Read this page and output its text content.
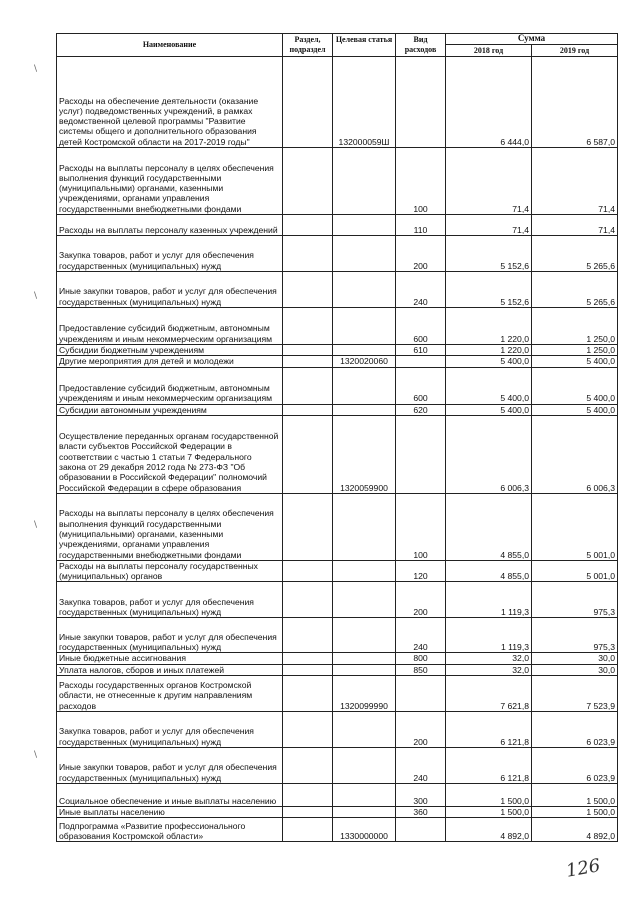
Наименование	Раздел, подраздел	Целевая статья	Вид расходов	Сумма	
				2018 год	2019 год
Расходы на обеспечение деятельности (оказание услуг) подведомственных учреждений, в рамках ведомственной целевой программы "Развитие системы общего и дополнительного образования детей Костромской области на 2017-2019 годы"		132000059Ш		6 444,0	6 587,0
Расходы на выплаты персоналу в целях обеспечения выполнения функций государственными (муниципальными) органами, казенными учреждениями, органами управления государственными внебюджетными фондами			100	71,4	71,4
Расходы на выплаты персоналу казенных учреждений			110	71,4	71,4
Закупка товаров, работ и услуг для обеспечения государственных (муниципальных) нужд			200	5 152,6	5 265,6
Иные закупки товаров, работ и услуг для обеспечения государственных (муниципальных) нужд			240	5 152,6	5 265,6
Предоставление субсидий бюджетным, автономным учреждениям и иным некоммерческим организациям			600	1 220,0	1 250,0
Субсидии бюджетным учреждениям			610	1 220,0	1 250,0
Другие мероприятия для детей и молодежи		1320020060		5 400,0	5 400,0
Предоставление субсидий бюджетным, автономным учреждениям и иным некоммерческим организациям			600	5 400,0	5 400,0
Субсидии автономным учреждениям			620	5 400,0	5 400,0
Осуществление переданных органам государственной власти субъектов Российской Федерации в соответствии с частью 1 статьи 7 Федерального закона от 29 декабря 2012 года № 273-ФЗ "Об образовании в Российской Федерации" полномочий Российской Федерации в сфере образования		1320059900		6 006,3	6 006,3
Расходы на выплаты персоналу в целях обеспечения выполнения функций государственными (муниципальными) органами, казенными учреждениями, органами управления государственными внебюджетными фондами			100	4 855,0	5 001,0
Расходы на выплаты персоналу государственных (муниципальных) органов			120	4 855,0	5 001,0
Закупка товаров, работ и услуг для обеспечения государственных (муниципальных) нужд			200	1 119,3	975,3
Иные закупки товаров, работ и услуг для обеспечения государственных (муниципальных) нужд			240	1 119,3	975,3
Иные бюджетные ассигнования			800	32,0	30,0
Уплата налогов, сборов и иных платежей			850	32,0	30,0
Расходы государственных органов Костромской области, не отнесенные к другим направлениям расходов		1320099990		7 621,8	7 523,9
Закупка товаров, работ и услуг для обеспечения государственных (муниципальных) нужд			200	6 121,8	6 023,9
Иные закупки товаров, работ и услуг для обеспечения государственных (муниципальных) нужд			240	6 121,8	6 023,9
Социальное обеспечение и иные выплаты населению			300	1 500,0	1 500,0
Иные выплаты населению			360	1 500,0	1 500,0
Подпрограмма «Развитие профессионального образования Костромской области»		1330000000		4 892,0	4 892,0
\
\
\
\
126
